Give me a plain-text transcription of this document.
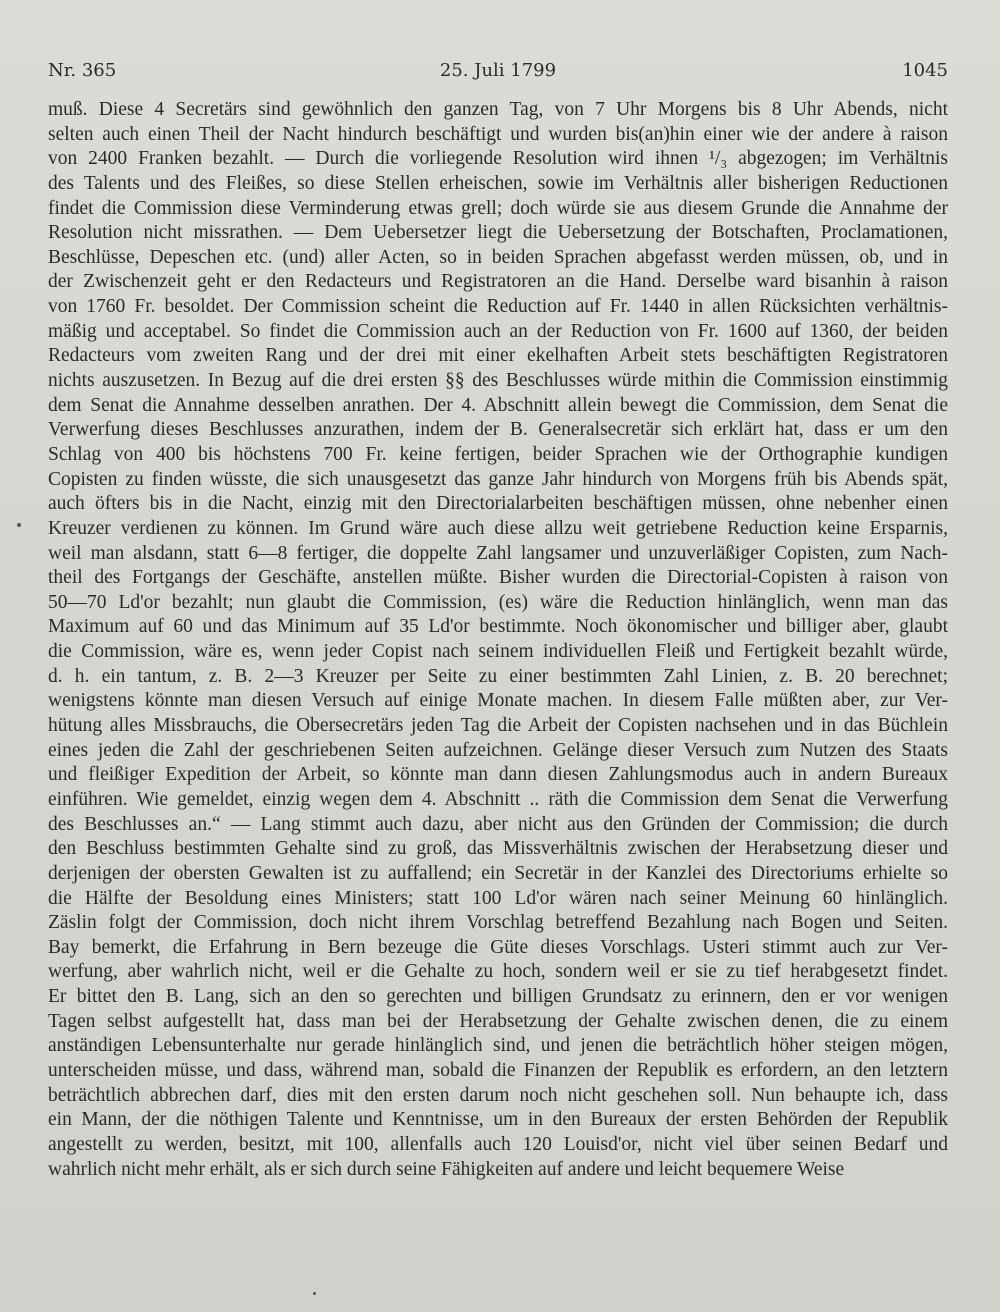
Nr. 365	25. Juli 1799	1045
muß. Diese 4 Secretärs sind gewöhnlich den ganzen Tag, von 7 Uhr Morgens bis 8 Uhr Abends, nicht
selten auch einen Theil der Nacht hindurch beschäftigt und wurden bis(an)hin einer wie der andere à raison
von 2400 Franken bezahlt. — Durch die vorliegende Resolution wird ihnen ¹/₃ abgezogen; im Verhältnis
des Talents und des Fleißes, so diese Stellen erheischen, sowie im Verhältnis aller bisherigen Reductionen
findet die Commission diese Verminderung etwas grell; doch würde sie aus diesem Grunde die Annahme der
Resolution nicht missrathen. — Dem Uebersetzer liegt die Uebersetzung der Botschaften, Proclamationen,
Beschlüsse, Depeschen etc. (und) aller Acten, so in beiden Sprachen abgefasst werden müssen, ob, und in
der Zwischenzeit geht er den Redacteurs und Registratoren an die Hand. Derselbe ward bisanhin à raison
von 1760 Fr. besoldet. Der Commission scheint die Reduction auf Fr. 1440 in allen Rücksichten verhältnis-
mäßig und acceptabel. So findet die Commission auch an der Reduction von Fr. 1600 auf 1360, der beiden
Redacteurs vom zweiten Rang und der drei mit einer ekelhaften Arbeit stets beschäftigten Registratoren
nichts auszusetzen. In Bezug auf die drei ersten §§ des Beschlusses würde mithin die Commission einstimmig
dem Senat die Annahme desselben anrathen. Der 4. Abschnitt allein bewegt die Commission, dem Senat die
Verwerfung dieses Beschlusses anzurathen, indem der B. Generalsecretär sich erklärt hat, dass er um den
Schlag von 400 bis höchstens 700 Fr. keine fertigen, beider Sprachen wie der Orthographie kundigen
Copisten zu finden wüsste, die sich unausgesetzt das ganze Jahr hindurch von Morgens früh bis Abends spät,
auch öfters bis in die Nacht, einzig mit den Directorialarbeiten beschäftigen müssen, ohne nebenher einen
Kreuzer verdienen zu können. Im Grund wäre auch diese allzu weit getriebene Reduction keine Ersparnis,
weil man alsdann, statt 6—8 fertiger, die doppelte Zahl langsamer und unzuverläßiger Copisten, zum Nach-
theil des Fortgangs der Geschäfte, anstellen müßte. Bisher wurden die Directorial-Copisten à raison von
50—70 Ld'or bezahlt; nun glaubt die Commission, (es) wäre die Reduction hinlänglich, wenn man das
Maximum auf 60 und das Minimum auf 35 Ld'or bestimmte. Noch ökonomischer und billiger aber, glaubt
die Commission, wäre es, wenn jeder Copist nach seinem individuellen Fleiß und Fertigkeit bezahlt würde,
d. h. ein tantum, z. B. 2—3 Kreuzer per Seite zu einer bestimmten Zahl Linien, z. B. 20 berechnet;
wenigstens könnte man diesen Versuch auf einige Monate machen. In diesem Falle müßten aber, zur Ver-
hütung alles Missbrauchs, die Obersecretärs jeden Tag die Arbeit der Copisten nachsehen und in das Büchlein
eines jeden die Zahl der geschriebenen Seiten aufzeichnen. Gelänge dieser Versuch zum Nutzen des Staats
und fleißiger Expedition der Arbeit, so könnte man dann diesen Zahlungsmodus auch in andern Bureaux
einführen. Wie gemeldet, einzig wegen dem 4. Abschnitt .. räth die Commission dem Senat die Verwerfung
des Beschlusses an.“ — Lang stimmt auch dazu, aber nicht aus den Gründen der Commission; die durch
den Beschluss bestimmten Gehalte sind zu groß, das Missverhältnis zwischen der Herabsetzung dieser und
derjenigen der obersten Gewalten ist zu auffallend; ein Secretär in der Kanzlei des Directoriums erhielte so
die Hälfte der Besoldung eines Ministers; statt 100 Ld'or wären nach seiner Meinung 60 hinlänglich.
Zäslin folgt der Commission, doch nicht ihrem Vorschlag betreffend Bezahlung nach Bogen und Seiten.
Bay bemerkt, die Erfahrung in Bern bezeuge die Güte dieses Vorschlags. Usteri stimmt auch zur Ver-
werfung, aber wahrlich nicht, weil er die Gehalte zu hoch, sondern weil er sie zu tief herabgesetzt findet.
Er bittet den B. Lang, sich an den so gerechten und billigen Grundsatz zu erinnern, den er vor wenigen
Tagen selbst aufgestellt hat, dass man bei der Herabsetzung der Gehalte zwischen denen, die zu einem
anständigen Lebensunterhalte nur gerade hinlänglich sind, und jenen die beträchtlich höher steigen mögen,
unterscheiden müsse, und dass, während man, sobald die Finanzen der Republik es erfordern, an den letztern
beträchtlich abbrechen darf, dies mit den ersten darum noch nicht geschehen soll. Nun behaupte ich, dass
ein Mann, der die nöthigen Talente und Kenntnisse, um in den Bureaux der ersten Behörden der Republik
angestellt zu werden, besitzt, mit 100, allenfalls auch 120 Louisd'or, nicht viel über seinen Bedarf und
wahrlich nicht mehr erhält, als er sich durch seine Fähigkeiten auf andere und leicht bequemere Weise
